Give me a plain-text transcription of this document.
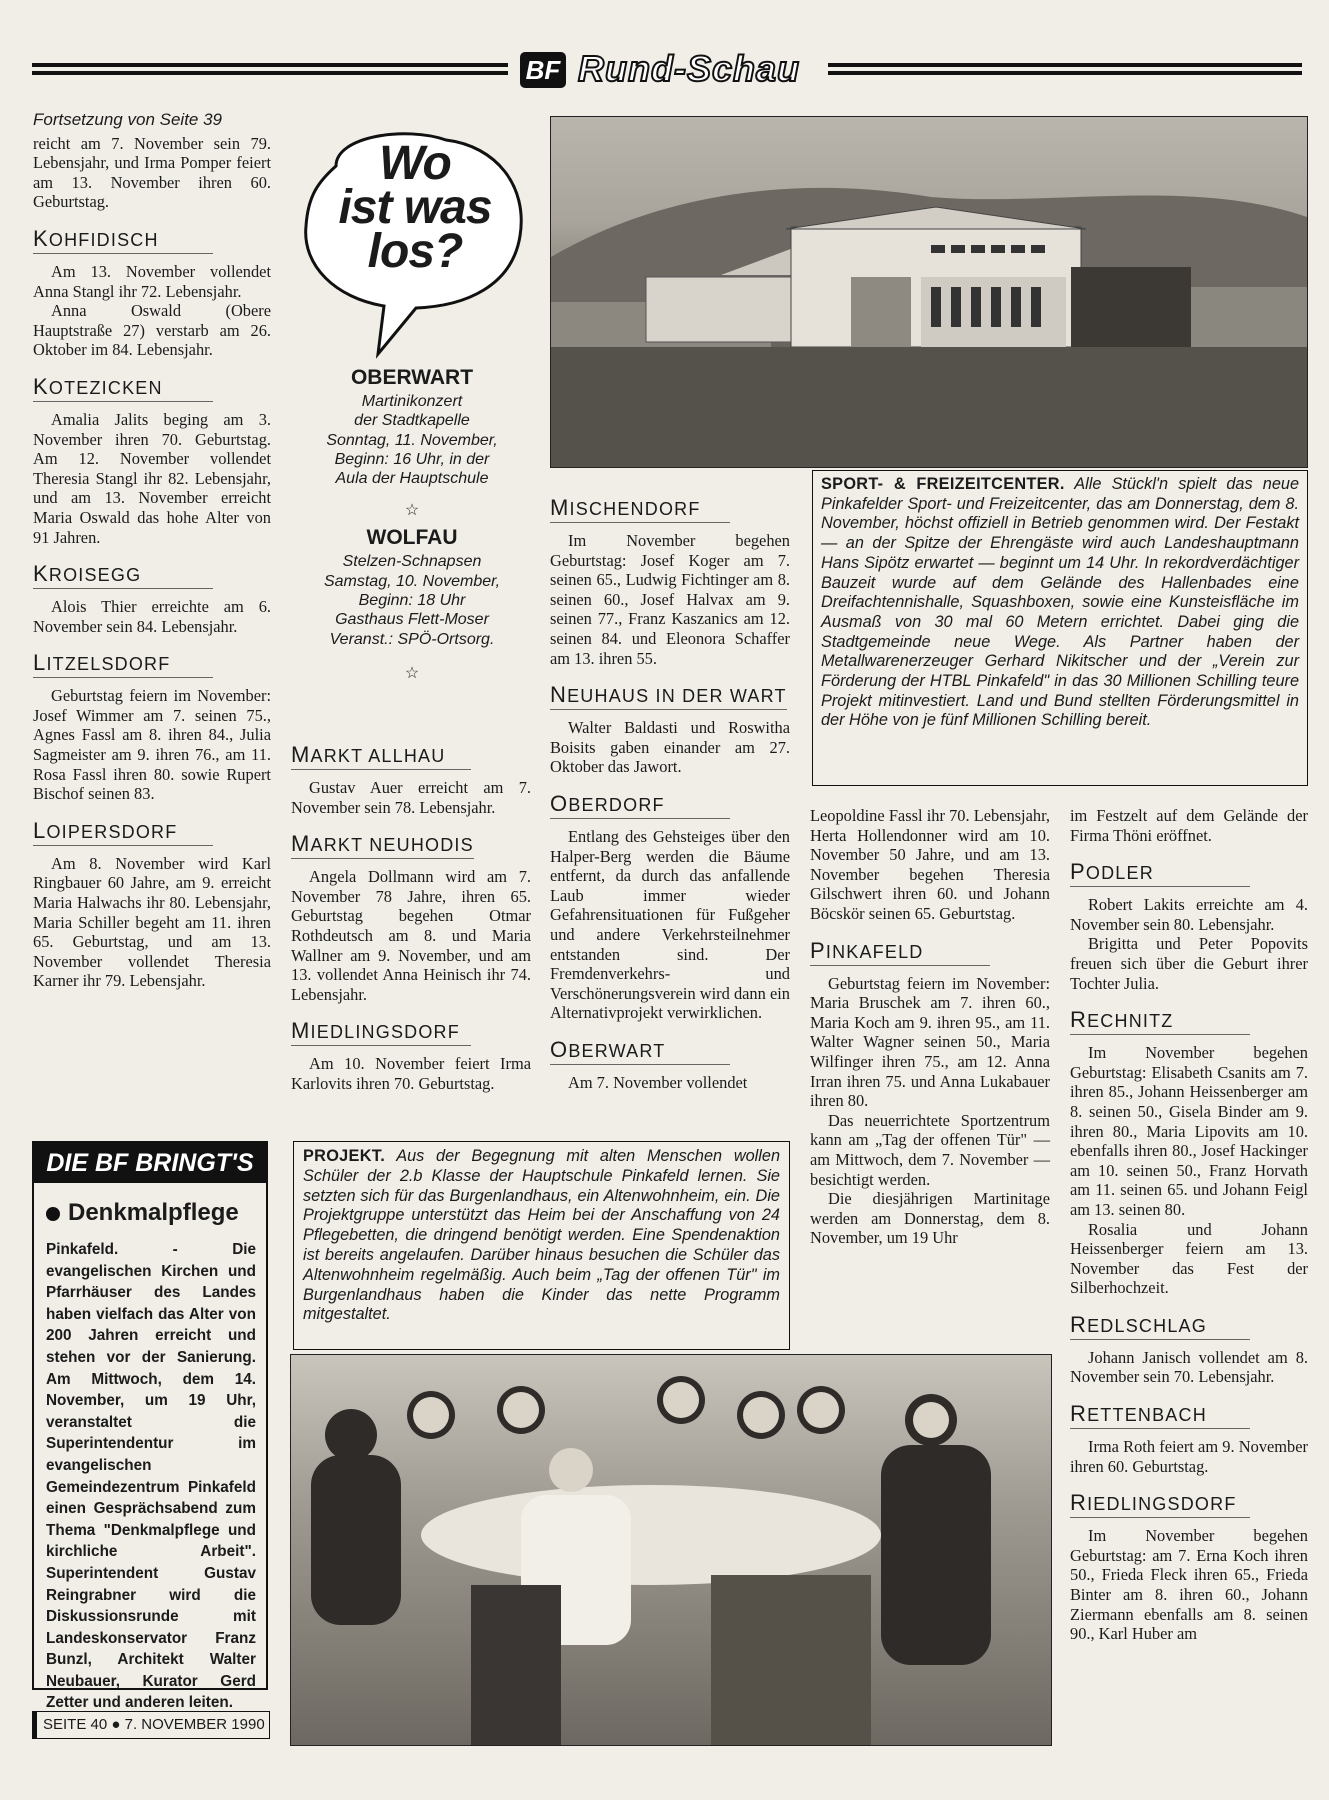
BF Rund-Schau
Fortsetzung von Seite 39

reicht am 7. November sein 79. Lebensjahr, und Irma Pomper feiert am 13. November ihren 60. Geburtstag.

KOHFIDISCH

Am 13. November vollendet Anna Stangl ihr 72. Lebensjahr.

Anna Oswald (Obere Hauptstraße 27) verstarb am 26. Oktober im 84. Lebensjahr.

KOTEZICKEN

Amalia Jalits beging am 3. November ihren 70. Geburtstag. Am 12. November vollendet Theresia Stangl ihr 82. Lebensjahr, und am 13. November erreicht Maria Oswald das hohe Alter von 91 Jahren.

KROISEGG

Alois Thier erreichte am 6. November sein 84. Lebensjahr.

LITZELSDORF

Geburtstag feiern im November: Josef Wimmer am 7. seinen 75., Agnes Fassl am 8. ihren 84., Julia Sagmeister am 9. ihren 76., am 11. Rosa Fassl ihren 80. sowie Rupert Bischof seinen 83.

LOIPERSDORF

Am 8. November wird Karl Ringbauer 60 Jahre, am 9. erreicht Maria Halwachs ihr 80. Lebensjahr, Maria Schiller begeht am 11. ihren 65. Geburtstag, und am 13. November vollendet Theresia Karner ihr 79. Lebensjahr.

DIE BF BRINGT'S
Denkmalpflege

Pinkafeld. - Die evangelischen Kirchen und Pfarrhäuser des Landes haben vielfach das Alter von 200 Jahren erreicht und stehen vor der Sanierung. Am Mittwoch, dem 14. November, um 19 Uhr, veranstaltet die Superintendentur im evangelischen Gemeindezentrum Pinkafeld einen Gesprächsabend zum Thema "Denkmalpflege und kirchliche Arbeit". Superintendent Gustav Reingrabner wird die Diskussionsrunde mit Landeskonservator Franz Bunzl, Architekt Walter Neubauer, Kurator Gerd Zetter und anderen leiten.

SEITE 40 ● 7. NOVEMBER 1990
Wo
ist was
los?
OBERWART
Martinikonzert
der Stadtkapelle
Sonntag, 11. November,
Beginn: 16 Uhr, in der
Aula der Hauptschule
☆
WOLFAU
Stelzen-Schnapsen
Samstag, 10. November,
Beginn: 18 Uhr
Gasthaus Flett-Moser
Veranst.: SPÖ-Ortsorg.
☆
MARKT ALLHAU

Gustav Auer erreicht am 7. November sein 78. Lebensjahr.

MARKT NEUHODIS

Angela Dollmann wird am 7. November 78 Jahre, ihren 65. Geburtstag begehen Otmar Rothdeutsch am 8. und Maria Wallner am 9. November, und am 13. vollendet Anna Heinisch ihr 74. Lebensjahr.

MIEDLINGSDORF

Am 10. November feiert Irma Karlovits ihren 70. Geburtstag.

SPORT- & FREIZEITCENTER. Alle Stückl'n spielt das neue Pinkafelder Sport- und Freizeitcenter, das am Donnerstag, dem 8. November, höchst offiziell in Betrieb genommen wird. Der Festakt — an der Spitze der Ehrengäste wird auch Landeshauptmann Hans Sipötz erwartet — beginnt um 14 Uhr. In rekordverdächtiger Bauzeit wurde auf dem Gelände des Hallenbades eine Dreifachtennishalle, Squashboxen, sowie eine Kunsteisfläche im Ausmaß von 30 mal 60 Metern errichtet. Dabei ging die Stadtgemeinde neue Wege. Als Partner haben der Metallwarenerzeuger Gerhard Nikitscher und der „Verein zur Förderung der HTBL Pinkafeld" in das 30 Millionen Schilling teure Projekt mitinvestiert. Land und Bund stellten Förderungsmittel in der Höhe von je fünf Millionen Schilling bereit.
MISCHENDORF

Im November begehen Geburtstag: Josef Koger am 7. seinen 65., Ludwig Fichtinger am 8. seinen 60., Josef Halvax am 9. seinen 77., Franz Kaszanics am 12. seinen 84. und Eleonora Schaffer am 13. ihren 55.

NEUHAUS IN DER WART

Walter Baldasti und Roswitha Boisits gaben einander am 27. Oktober das Jawort.

OBERDORF

Entlang des Gehsteiges über den Halper-Berg werden die Bäume entfernt, da durch das anfallende Laub immer wieder Gefahrensituationen für Fußgeher und andere Verkehrsteilnehmer entstanden sind. Der Fremdenverkehrs- und Verschönerungsverein wird dann ein Alternativprojekt verwirklichen.

OBERWART

Am 7. November vollendet

Leopoldine Fassl ihr 70. Lebensjahr, Herta Hollendonner wird am 10. November 50 Jahre, und am 13. November begehen Theresia Gilschwert ihren 60. und Johann Böcskör seinen 65. Geburtstag.

PINKAFELD

Geburtstag feiern im November: Maria Bruschek am 7. ihren 60., Maria Koch am 9. ihren 95., am 11. Walter Wagner seinen 50., Maria Wilfinger ihren 75., am 12. Anna Irran ihren 75. und Anna Lukabauer ihren 80.

Das neuerrichtete Sportzentrum kann am „Tag der offenen Tür" — am Mittwoch, dem 7. November — besichtigt werden.

Die diesjährigen Martinitage werden am Donnerstag, dem 8. November, um 19 Uhr

im Festzelt auf dem Gelände der Firma Thöni eröffnet.

PODLER

Robert Lakits erreichte am 4. November sein 80. Lebensjahr.

Brigitta und Peter Popovits freuen sich über die Geburt ihrer Tochter Julia.

RECHNITZ

Im November begehen Geburtstag: Elisabeth Csanits am 7. ihren 85., Johann Heissenberger am 8. seinen 50., Gisela Binder am 9. ihren 80., Maria Lipovits am 10. ebenfalls ihren 80., Josef Hackinger am 10. seinen 50., Franz Horvath am 11. seinen 65. und Johann Feigl am 13. seinen 80.

Rosalia und Johann Heissenberger feiern am 13. November das Fest der Silberhochzeit.

REDLSCHLAG

Johann Janisch vollendet am 8. November sein 70. Lebensjahr.

RETTENBACH

Irma Roth feiert am 9. November ihren 60. Geburtstag.

RIEDLINGSDORF

Im November begehen Geburtstag: am 7. Erna Koch ihren 50., Frieda Fleck ihren 65., Frieda Binter am 8. ihren 60., Johann Ziermann ebenfalls am 8. seinen 90., Karl Huber am

PROJEKT. Aus der Begegnung mit alten Menschen wollen Schüler der 2.b Klasse der Hauptschule Pinkafeld lernen. Sie setzten sich für das Burgenlandhaus, ein Altenwohnheim, ein. Die Projektgruppe unterstützt das Heim bei der Anschaffung von 24 Pflegebetten, die dringend benötigt werden. Eine Spendenaktion ist bereits angelaufen. Darüber hinaus besuchen die Schüler das Altenwohnheim regelmäßig. Auch beim „Tag der offenen Tür" im Burgenlandhaus haben die Kinder das nette Programm mitgestaltet.
